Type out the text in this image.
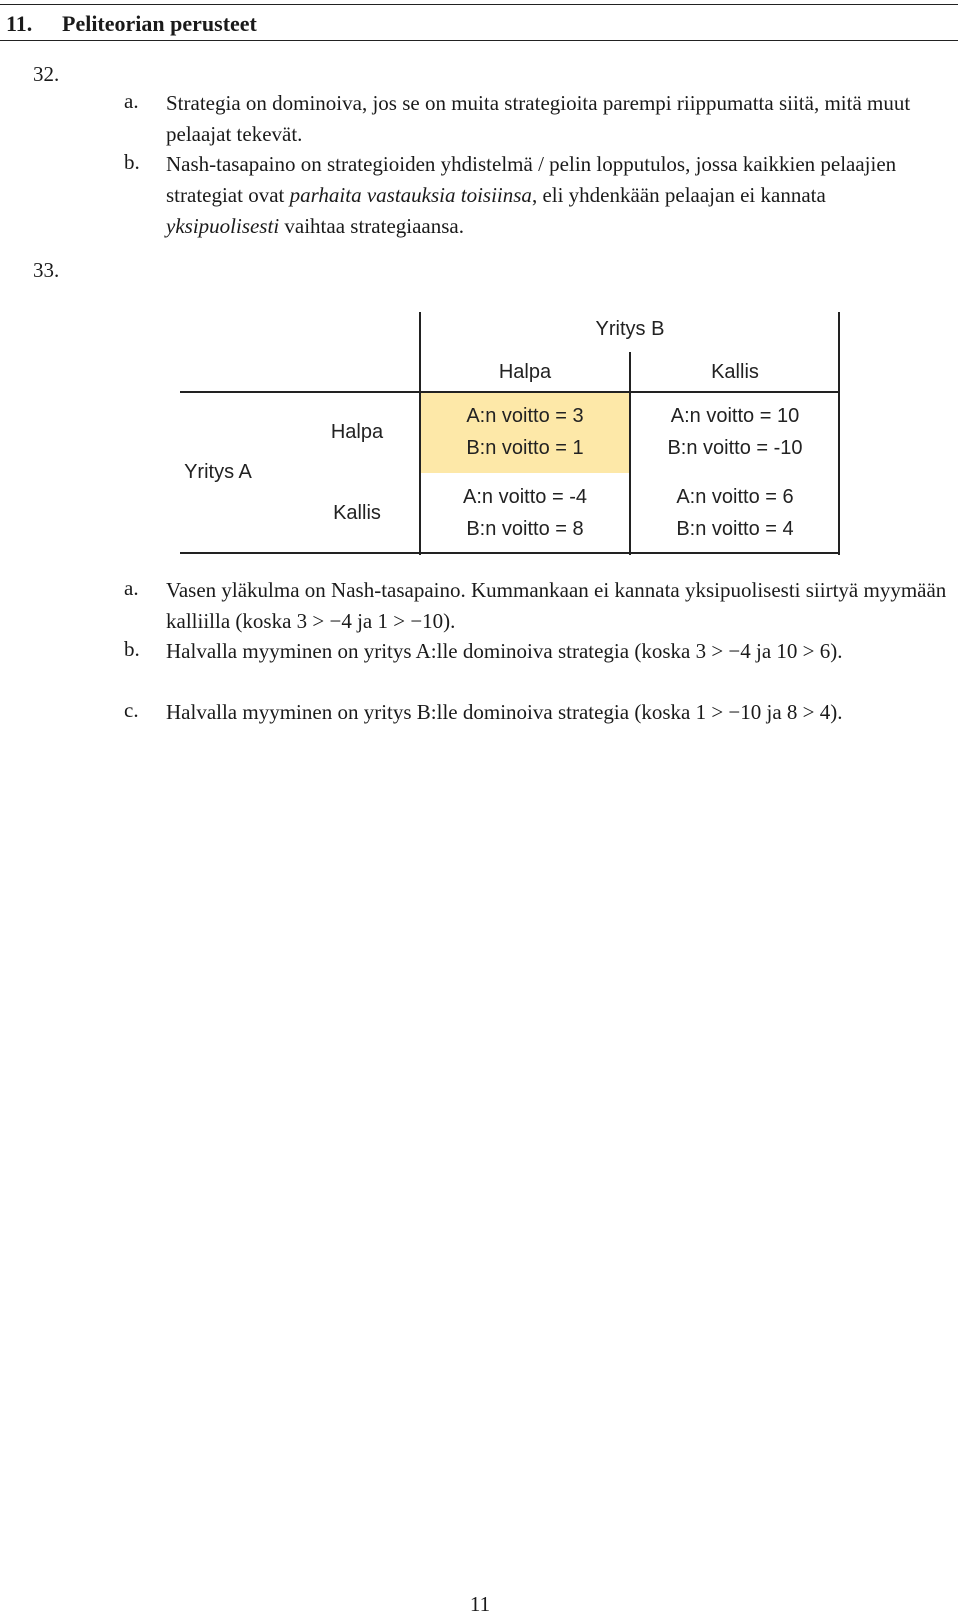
11. Peliteorian perusteet
32.
a. Strategia on dominoiva, jos se on muita strategioita parempi riippumatta siitä, mitä muut pelaajat tekevät.
b. Nash-tasapaino on strategioiden yhdistelmä / pelin lopputulos, jossa kaikkien pelaajien strategiat ovat parhaita vastauksia toisiinsa, eli yhdenkään pelaajan ei kannata yksipuolisesti vaihtaa strategiaansa.
33.
Yritys B
Halpa	Kallis
Yritys A
Halpa
Kallis
A:n voitto = 3
B:n voitto = 1
A:n voitto = 10
B:n voitto = -10
A:n voitto = -4
B:n voitto = 8
A:n voitto = 6
B:n voitto = 4
a. Vasen yläkulma on Nash-tasapaino. Kummankaan ei kannata yksipuolisesti siirtyä myymään kalliilla (koska 3 > −4 ja 1 > −10).
b. Halvalla myyminen on yritys A:lle dominoiva strategia (koska 3 > −4 ja 10 > 6).
c. Halvalla myyminen on yritys B:lle dominoiva strategia (koska 1 > −10 ja 8 > 4).
11
